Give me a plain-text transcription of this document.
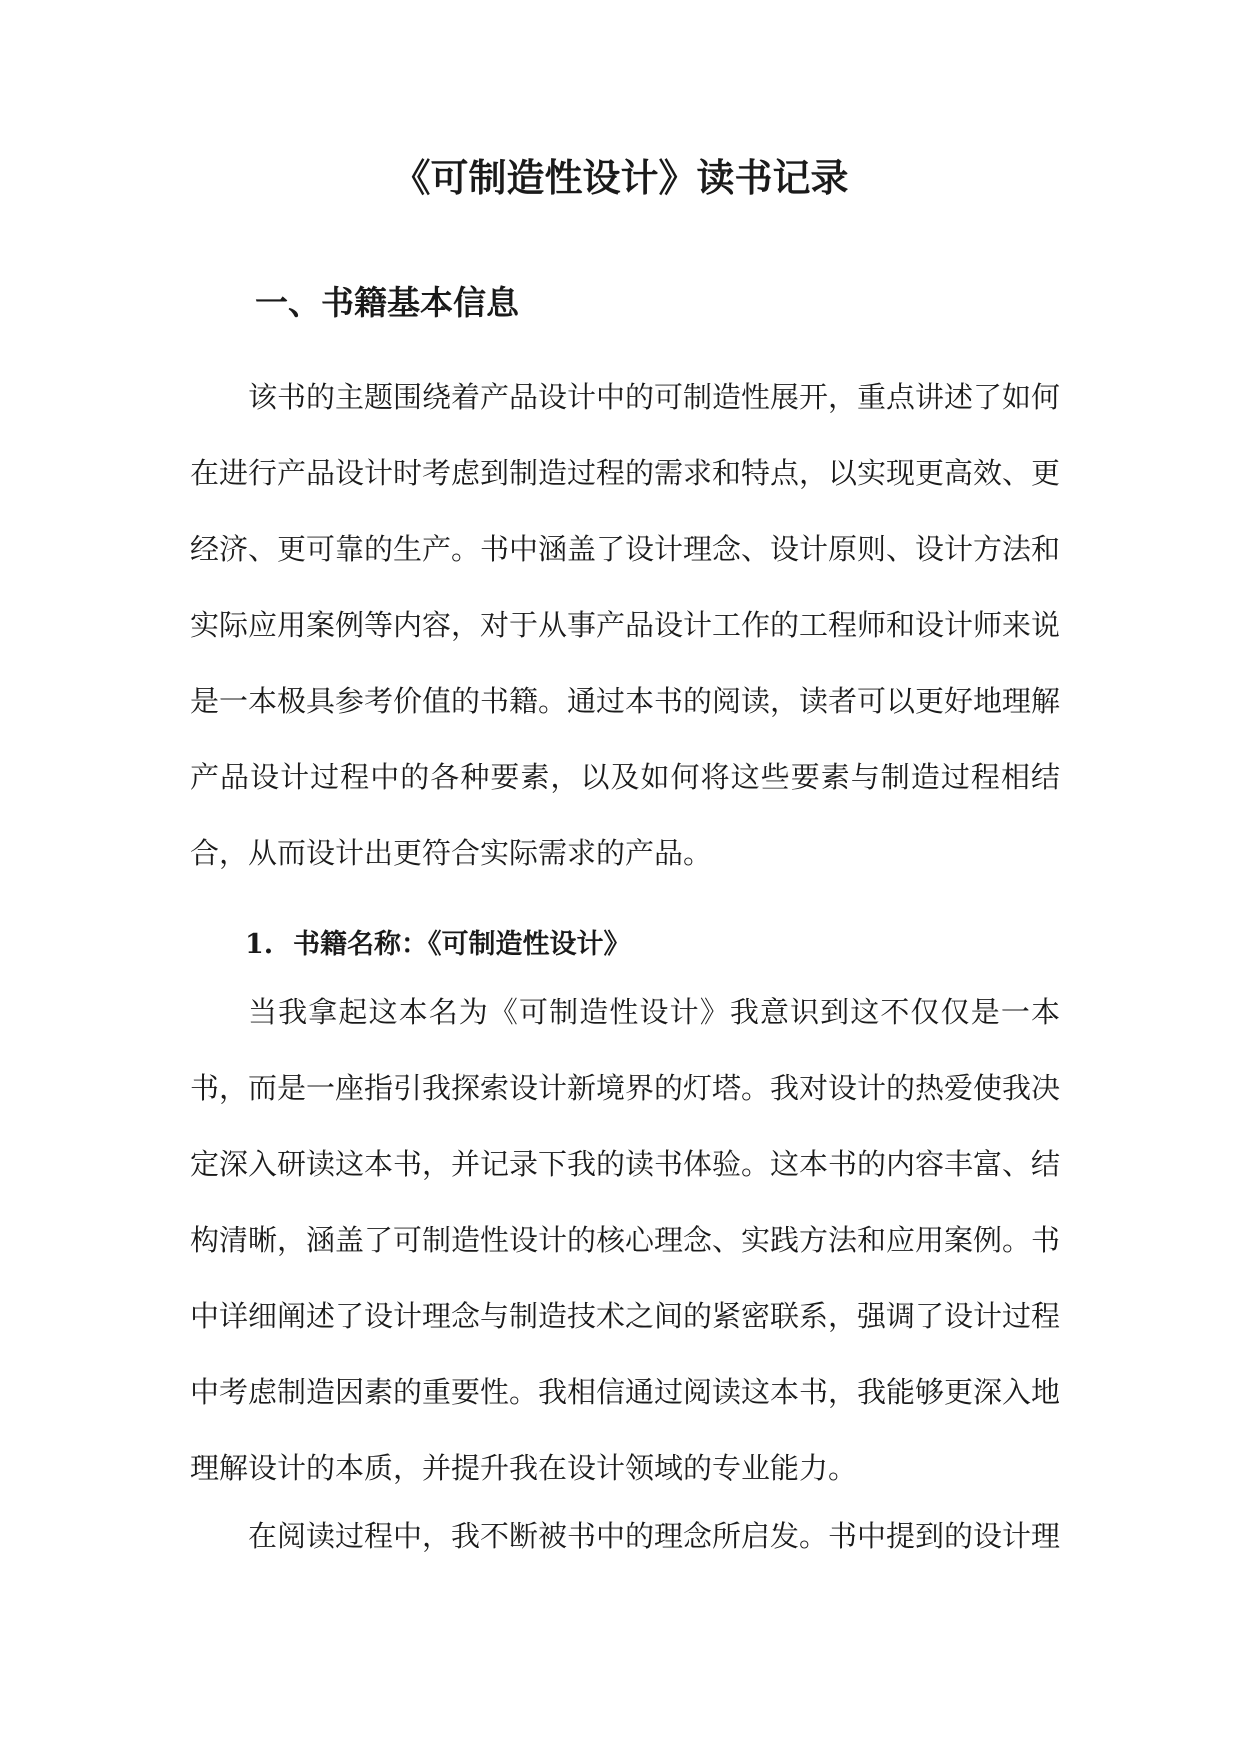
《可制造性设计》读书记录
一、书籍基本信息

该书的主题围绕着产品设计中的可制造性展开，重点讲述了如何在进行产品设计时考虑到制造过程的需求和特点，以实现更高效、更经济、更可靠的生产。书中涵盖了设计理念、设计原则、设计方法和实际应用案例等内容，对于从事产品设计工作的工程师和设计师来说是一本极具参考价值的书籍。通过本书的阅读，读者可以更好地理解产品设计过程中的各种要素，以及如何将这些要素与制造过程相结合，从而设计出更符合实际需求的产品。

1. 书籍名称：《可制造性设计》

当我拿起这本名为《可制造性设计》我意识到这不仅仅是一本书，而是一座指引我探索设计新境界的灯塔。我对设计的热爱使我决定深入研读这本书，并记录下我的读书体验。这本书的内容丰富、结构清晰，涵盖了可制造性设计的核心理念、实践方法和应用案例。书中详细阐述了设计理念与制造技术之间的紧密联系，强调了设计过程中考虑制造因素的重要性。我相信通过阅读这本书，我能够更深入地理解设计的本质，并提升我在设计领域的专业能力。

在阅读过程中，我不断被书中的理念所启发。书中提到的设计理
